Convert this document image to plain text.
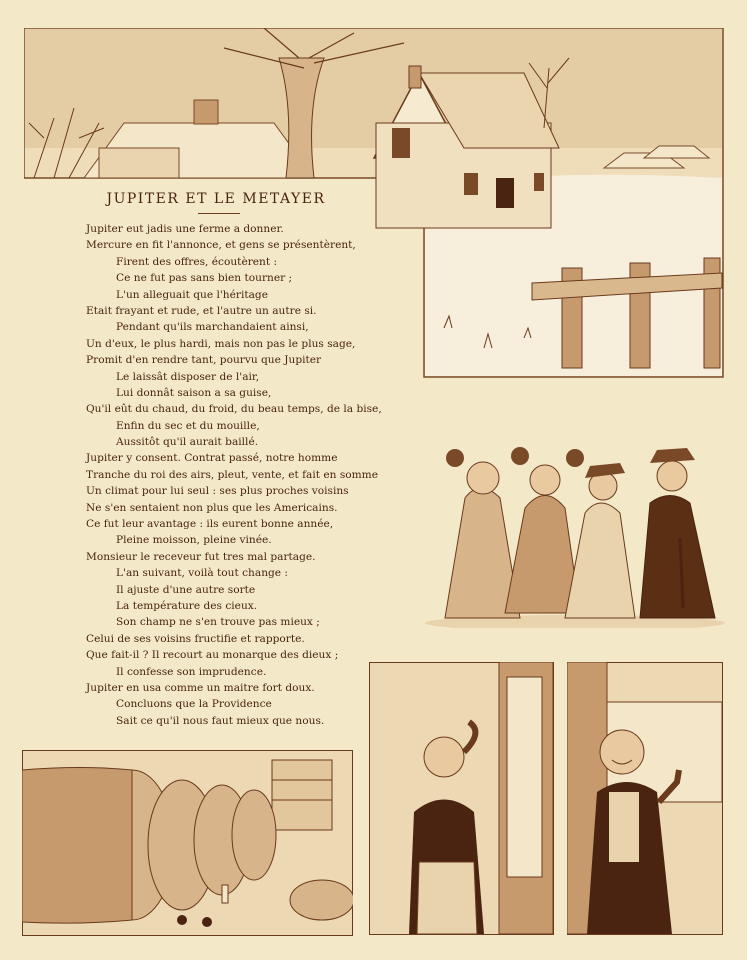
JUPITER ET LE METAYER
Jupiter eut jadis une ferme a donner.
Mercure en fit l'annonce, et gens se présentèrent,
Firent des offres, écoutèrent :
Ce ne fut pas sans bien tourner ;
L'un alleguait que l'héritage
Etait frayant et rude, et l'autre un autre si.
Pendant qu'ils marchandaient ainsi,
Un d'eux, le plus hardi, mais non pas le plus sage,
Promit d'en rendre tant, pourvu que Jupiter
Le laissât disposer de l'air,
Lui donnât saison a sa guise,
Qu'il eût du chaud, du froid, du beau temps, de la bise,
Enfin du sec et du mouille,
Aussitôt qu'il aurait baillé.
Jupiter y consent. Contrat passé, notre homme
Tranche du roi des airs, pleut, vente, et fait en somme
Un climat pour lui seul : ses plus proches voisins
Ne s'en sentaient non plus que les Americains.
Ce fut leur avantage : ils eurent bonne année,
Pleine moisson, pleine vinée.
Monsieur le receveur fut tres mal partage.
L'an suivant, voilà tout change :
Il ajuste d'une autre sorte
La température des cieux.
Son champ ne s'en trouve pas mieux ;
Celui de ses voisins fructifie et rapporte.
Que fait-il ? Il recourt au monarque des dieux ;
Il confesse son imprudence.
Jupiter en usa comme un maitre fort doux.
Concluons que la Providence
Sait ce qu'il nous faut mieux que nous.
